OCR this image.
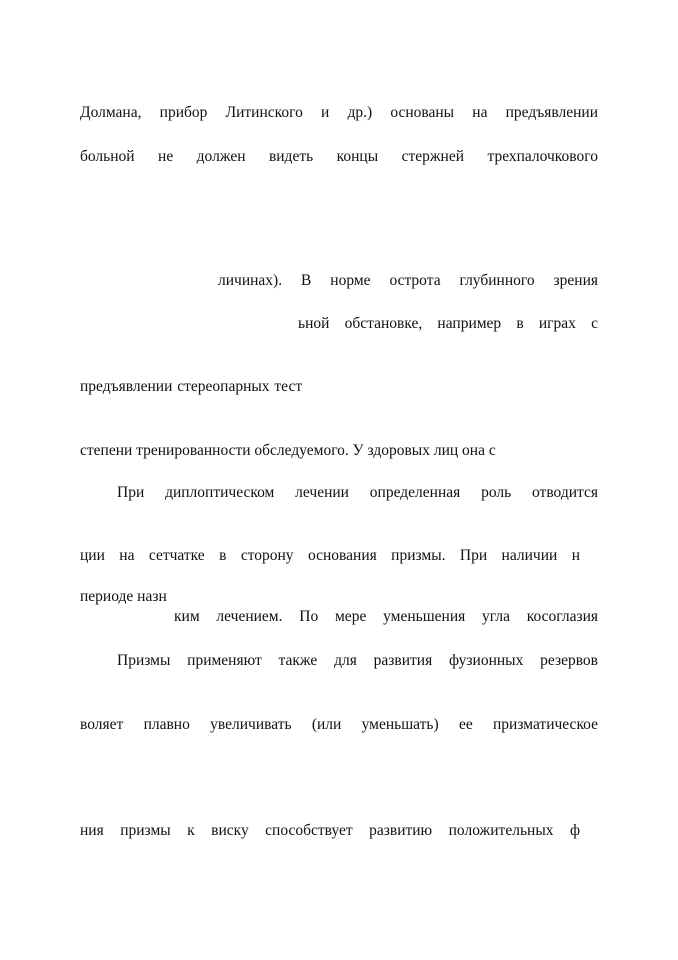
Долмана, прибор Литинского и др.) основаны на предъявлении
больной не должен видеть концы стержней трехпалочкового
личинах). В норме острота глубинного зрения
ьной обстановке, например в играх с
предъявлении стереопарных тест
степени тренированности обследуемого. У здоровых лиц она с
При диплоптическом лечении определенная роль отводится
ции на сетчатке в сторону основания призмы. При наличии н
периоде назн
ким лечением. По мере уменьшения угла косоглазия
Призмы применяют также для развития фузионных резервов
воляет плавно увеличивать (или уменьшать) ее призматическое
ния призмы к виску способствует развитию положительных ф
